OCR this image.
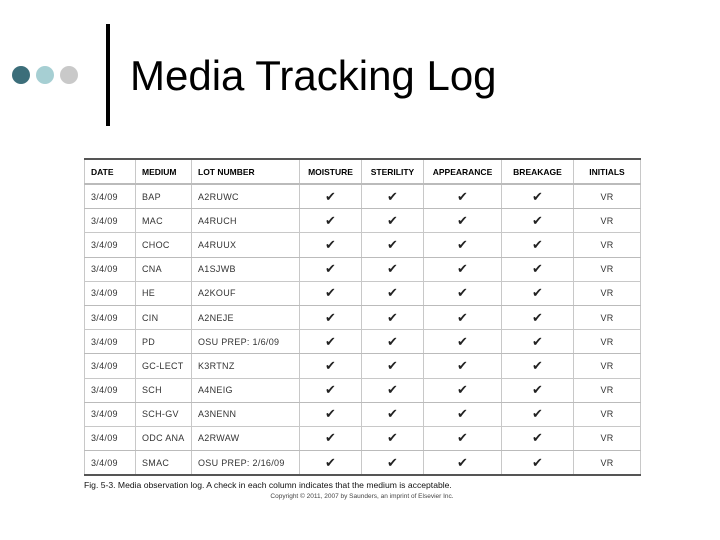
Media Tracking Log
DATE	MEDIUM	LOT NUMBER	MOISTURE	STERILITY	APPEARANCE	BREAKAGE	INITIALS
3/4/09	BAP	A2RUWC	✔	✔	✔	✔	VR
3/4/09	MAC	A4RUCH	✔	✔	✔	✔	VR
3/4/09	CHOC	A4RUUX	✔	✔	✔	✔	VR
3/4/09	CNA	A1SJWB	✔	✔	✔	✔	VR
3/4/09	HE	A2KOUF	✔	✔	✔	✔	VR
3/4/09	CIN	A2NEJE	✔	✔	✔	✔	VR
3/4/09	PD	OSU PREP: 1/6/09	✔	✔	✔	✔	VR
3/4/09	GC-LECT	K3RTNZ	✔	✔	✔	✔	VR
3/4/09	SCH	A4NEIG	✔	✔	✔	✔	VR
3/4/09	SCH-GV	A3NENN	✔	✔	✔	✔	VR
3/4/09	ODC ANA	A2RWAW	✔	✔	✔	✔	VR
3/4/09	SMAC	OSU PREP: 2/16/09	✔	✔	✔	✔	VR
Fig. 5-3. Media observation log. A check in each column indicates that the medium is acceptable.
Copyright © 2011, 2007 by Saunders, an imprint of Elsevier Inc.
